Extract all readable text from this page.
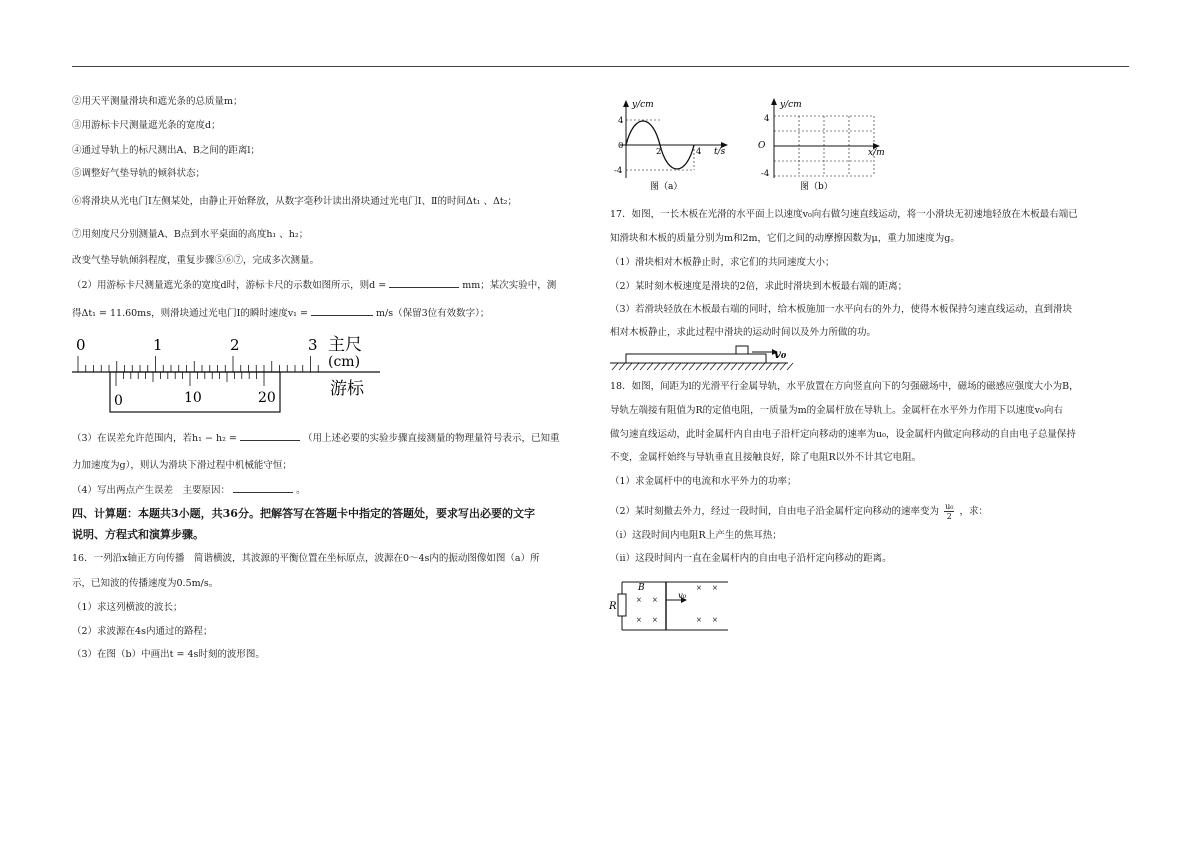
②用天平测量滑块和遮光条的总质量m；
③用游标卡尺测量遮光条的宽度d；
④通过导轨上的标尺测出A、B之间的距离l；
⑤调整好气垫导轨的倾斜状态；
⑥将滑块从光电门Ⅰ左侧某处，由静止开始释放，从数字毫秒计读出滑块通过光电门Ⅰ、Ⅱ的时间Δt₁ 、Δt₂；
⑦用刻度尺分别测量A、B点到水平桌面的高度h₁ 、h₂；
改变气垫导轨倾斜程度，重复步骤⑤⑥⑦，完成多次测量。
（2）用游标卡尺测量遮光条的宽度d时，游标卡尺的示数如图所示，则d =	mm；某次实验中，测
得Δt₁ = 11.60ms，则滑块通过光电门Ⅰ的瞬时速度v₁ =	m/s（保留3位有效数字）；
0	1	2	3 主尺
(cm)
0	10	20	游标
（3）在误差允许范围内，若h₁ − h₂ =	（用上述必要的实验步骤直接测量的物理量符号表示，已知重
力加速度为g），则认为滑块下滑过程中机械能守恒；
（4）写出两点产生误差　主要原因：	。
四、计算题：本题共3小题，共36分。把解答写在答题卡中指定的答题处，要求写出必要的文字
说明、方程式和演算步骤。
16．一列沿x轴正方向传播　简谐横波，其波源的平衡位置在坐标原点，波源在0～4s内的振动图像如图（a）所
示，已知波的传播速度为0.5m/s。
（1）求这列横波的波长；
（2）求波源在4s内通过的路程；
（3）在图（b）中画出t = 4s时刻的波形图。
y/cm
4
0
-4
2	4 t/s
图（a）
y/cm
4
O
-4
x/m
图（b）
17．如图，一长木板在光滑的水平面上以速度v₀向右做匀速直线运动，将一小滑块无初速地轻放在木板最右端已
知滑块和木板的质量分别为m和2m，它们之间的动摩擦因数为μ，重力加速度为g。
（1）滑块相对木板静止时，求它们的共同速度大小；
（2）某时刻木板速度是滑块的2倍，求此时滑块到木板最右端的距离；
（3）若滑块轻放在木板最右端的同时，给木板施加一水平向右的外力，使得木板保持匀速直线运动，直到滑块
相对木板静止，求此过程中滑块的运动时间以及外力所做的功。
v₀
18．如图，间距为l的光滑平行金属导轨，水平放置在方向竖直向下的匀强磁场中，磁场的磁感应强度大小为B，
导轨左端接有阻值为R的定值电阻，一质量为m的金属杆放在导轨上。金属杆在水平外力作用下以速度v₀向右
做匀速直线运动，此时金属杆内自由电子沿杆定向移动的速率为u₀，设金属杆内做定向移动的自由电子总量保持
不变，金属杆始终与导轨垂直且接触良好，除了电阻R以外不计其它电阻。
（1）求金属杆中的电流和水平外力的功率；
（2）某时刻撤去外力，经过一段时间，自由电子沿金属杆定向移动的速率变为 $\frac{\text{u₀}}{2}$ ，求：
（i）这段时间内电阻R上产生的焦耳热；
（ii）这段时间内一直在金属杆内的自由电子沿杆定向移动的距离。
R
v₀
B
×
×
× ×
× ×
×
×
